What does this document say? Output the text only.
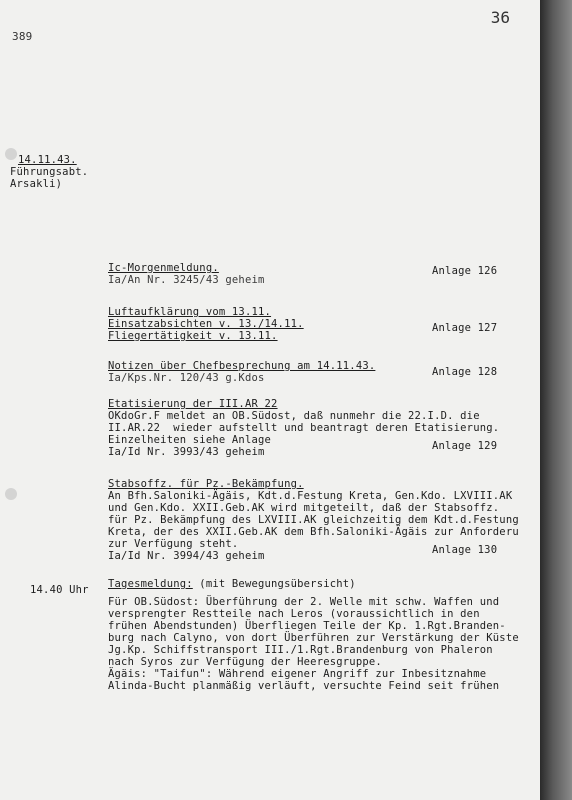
36
389
14.11.43.
Führungsabt.
Arsakli)
Ic-Morgenmeldung.
Ia/An Nr. 3245/43 geheim
Anlage 126
Luftaufklärung vom 13.11.
Einsatzabsichten v. 13./14.11.
Fliegertätigkeit v. 13.11.
Anlage 127
Notizen über Chefbesprechung am 14.11.43.
Ia/Kps.Nr. 120/43 g.Kdos	Anlage 128
Etatisierung der III.AR 22
OKdoGr.F meldet an OB.Südost, daß nunmehr die 22.I.D. die
II.AR.22  wieder aufstellt und beantragt deren Etatisierung.
Einzelheiten siehe Anlage
Ia/Id Nr. 3993/43 geheim	Anlage 129
Stabsoffz. für Pz.-Bekämpfung.
An Bfh.Saloniki-Ägäis, Kdt.d.Festung Kreta, Gen.Kdo. LXVIII.AK
und Gen.Kdo. XXII.Geb.AK wird mitgeteilt, daß der Stabsoffz.
für Pz. Bekämpfung des LXVIII.AK gleichzeitig dem Kdt.d.Festung
Kreta, der des XXII.Geb.AK dem Bfh.Saloniki-Ägäis zur Anforderu
zur Verfügung steht.
Ia/Id Nr. 3994/43 geheim	Anlage 130
14.40 Uhr Tagesmeldung: (mit Bewegungsübersicht)
Für OB.Südost: Überführung der 2. Welle mit schw. Waffen und
versprengter Restteile nach Leros (voraussichtlich in den
frühen Abendstunden) Überfliegen Teile der Kp. 1.Rgt.Branden-
burg nach Calyno, von dort Überführen zur Verstärkung der Küste
Jg.Kp. Schiffstransport III./1.Rgt.Brandenburg von Phaleron
nach Syros zur Verfügung der Heeresgruppe.
Ägäis: "Taifun": Während eigener Angriff zur Inbesitznahme
Alinda-Bucht planmäßig verläuft, versuchte Feind seit frühen
